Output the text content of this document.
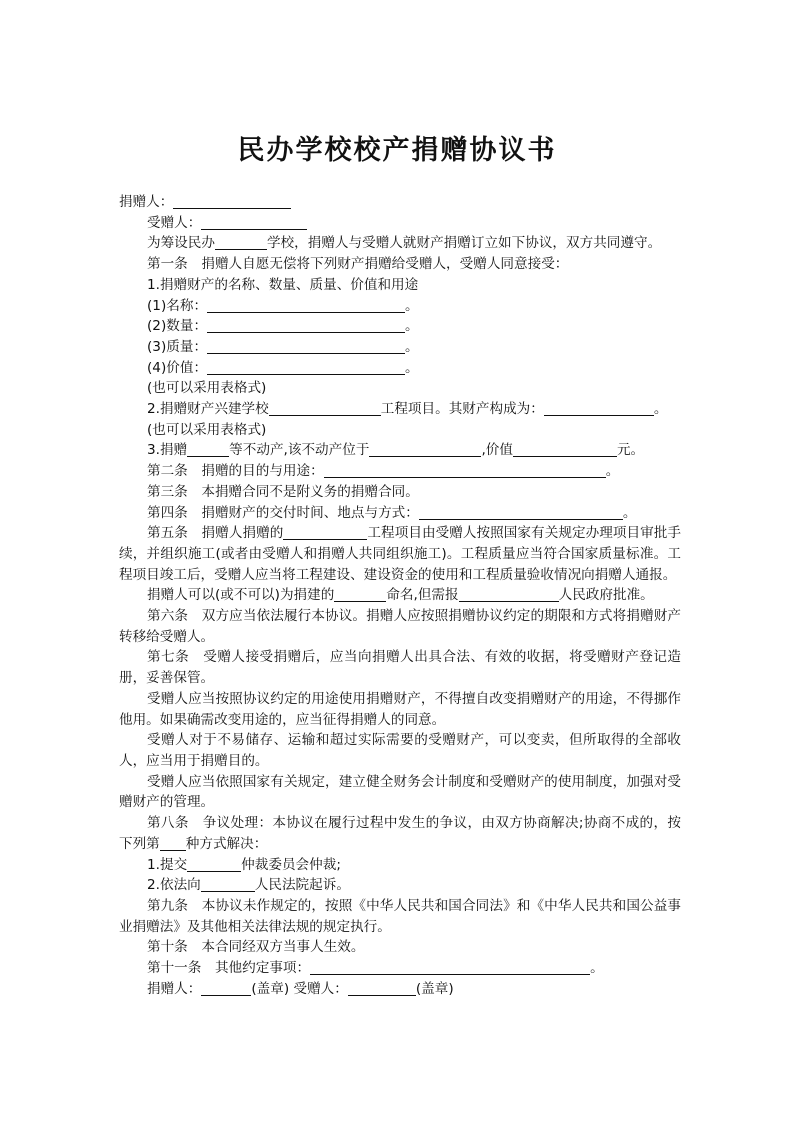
民办学校校产捐赠协议书
捐赠人：
受赠人：
为筹设民办	学校，捐赠人与受赠人就财产捐赠订立如下协议，双方共同遵守。
第一条　捐赠人自愿无偿将下列财产捐赠给受赠人，受赠人同意接受：
1.捐赠财产的名称、数量、质量、价值和用途
(1)名称：	。
(2)数量：	。
(3)质量：	。
(4)价值：	。
(也可以采用表格式)
2.捐赠财产兴建学校	工程项目。其财产构成为：	。
(也可以采用表格式)
3.捐赠	等不动产,该不动产位于	,价值	元。
第二条　捐赠的目的与用途：	。
第三条　本捐赠合同不是附义务的捐赠合同。
第四条　捐赠财产的交付时间、地点与方式：	。
第五条　捐赠人捐赠的	工程项目由受赠人按照国家有关规定办理项目审批手续，并组织施工(或者由受赠人和捐赠人共同组织施工)。工程质量应当符合国家质量标准。工程项目竣工后，受赠人应当将工程建设、建设资金的使用和工程质量验收情况向捐赠人通报。
捐赠人可以(或不可以)为捐建的	命名,但需报	人民政府批准。
第六条　双方应当依法履行本协议。捐赠人应按照捐赠协议约定的期限和方式将捐赠财产转移给受赠人。
第七条　受赠人接受捐赠后，应当向捐赠人出具合法、有效的收据，将受赠财产登记造册，妥善保管。
受赠人应当按照协议约定的用途使用捐赠财产，不得擅自改变捐赠财产的用途，不得挪作他用。如果确需改变用途的，应当征得捐赠人的同意。
受赠人对于不易储存、运输和超过实际需要的受赠财产，可以变卖，但所取得的全部收人，应当用于捐赠目的。
受赠人应当依照国家有关规定，建立健全财务会计制度和受赠财产的使用制度，加强对受赠财产的管理。
第八条　争议处理：本协议在履行过程中发生的争议，由双方协商解决;协商不成的，按下列第 种方式解决：
1.提交	仲裁委员会仲裁;
2.依法向	人民法院起诉。
第九条　本协议未作规定的，按照《中华人民共和国合同法》和《中华人民共和国公益事业捐赠法》及其他相关法律法规的规定执行。
第十条　本合同经双方当事人生效。
第十一条　其他约定事项：	。
捐赠人：	(盖章) 受赠人：	(盖章)
